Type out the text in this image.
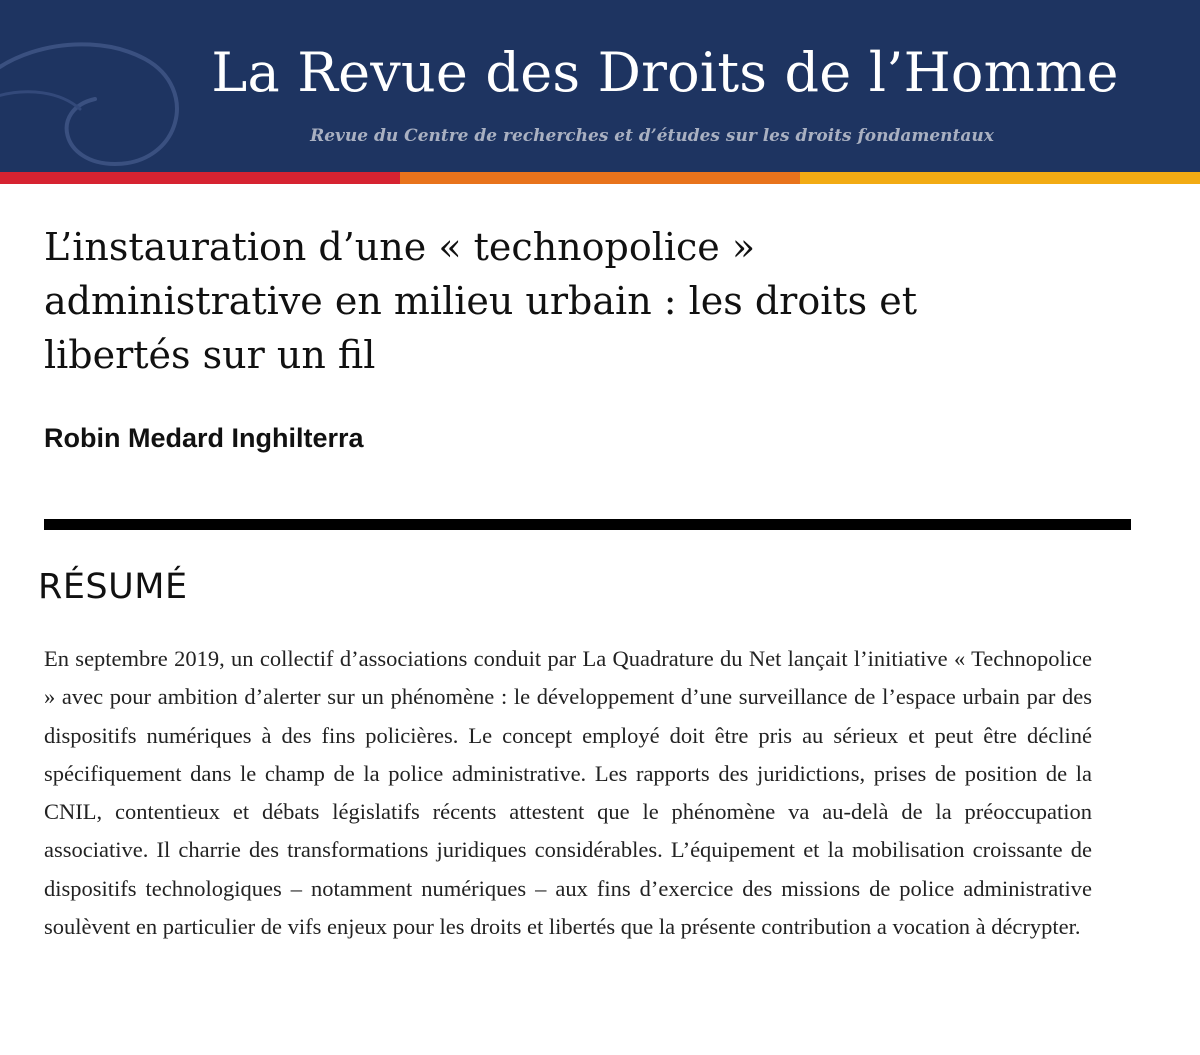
La Revue des Droits de l’Homme
Revue du Centre de recherches et d’études sur les droits fondamentaux
L’instauration d’une « technopolice » administrative en milieu urbain : les droits et libertés sur un fil
Robin Medard Inghilterra
RÉSUMÉ

En septembre 2019, un collectif d’associations conduit par La Quadrature du Net lançait l’initiative « Technopolice » avec pour ambition d’alerter sur un phénomène : le développement d’une surveillance de l’espace urbain par des dispositifs numériques à des fins policières. Le concept employé doit être pris au sérieux et peut être décliné spécifiquement dans le champ de la police administrative. Les rapports des juridictions, prises de position de la CNIL, contentieux et débats législatifs récents attestent que le phénomène va au-delà de la préoccupation associative. Il charrie des transformations juridiques considérables. L’équipement et la mobilisation croissante de dispositifs technologiques – notamment numériques – aux fins d’exercice des missions de police administrative soulèvent en particulier de vifs enjeux pour les droits et libertés que la présente contribution a vocation à décrypter.
